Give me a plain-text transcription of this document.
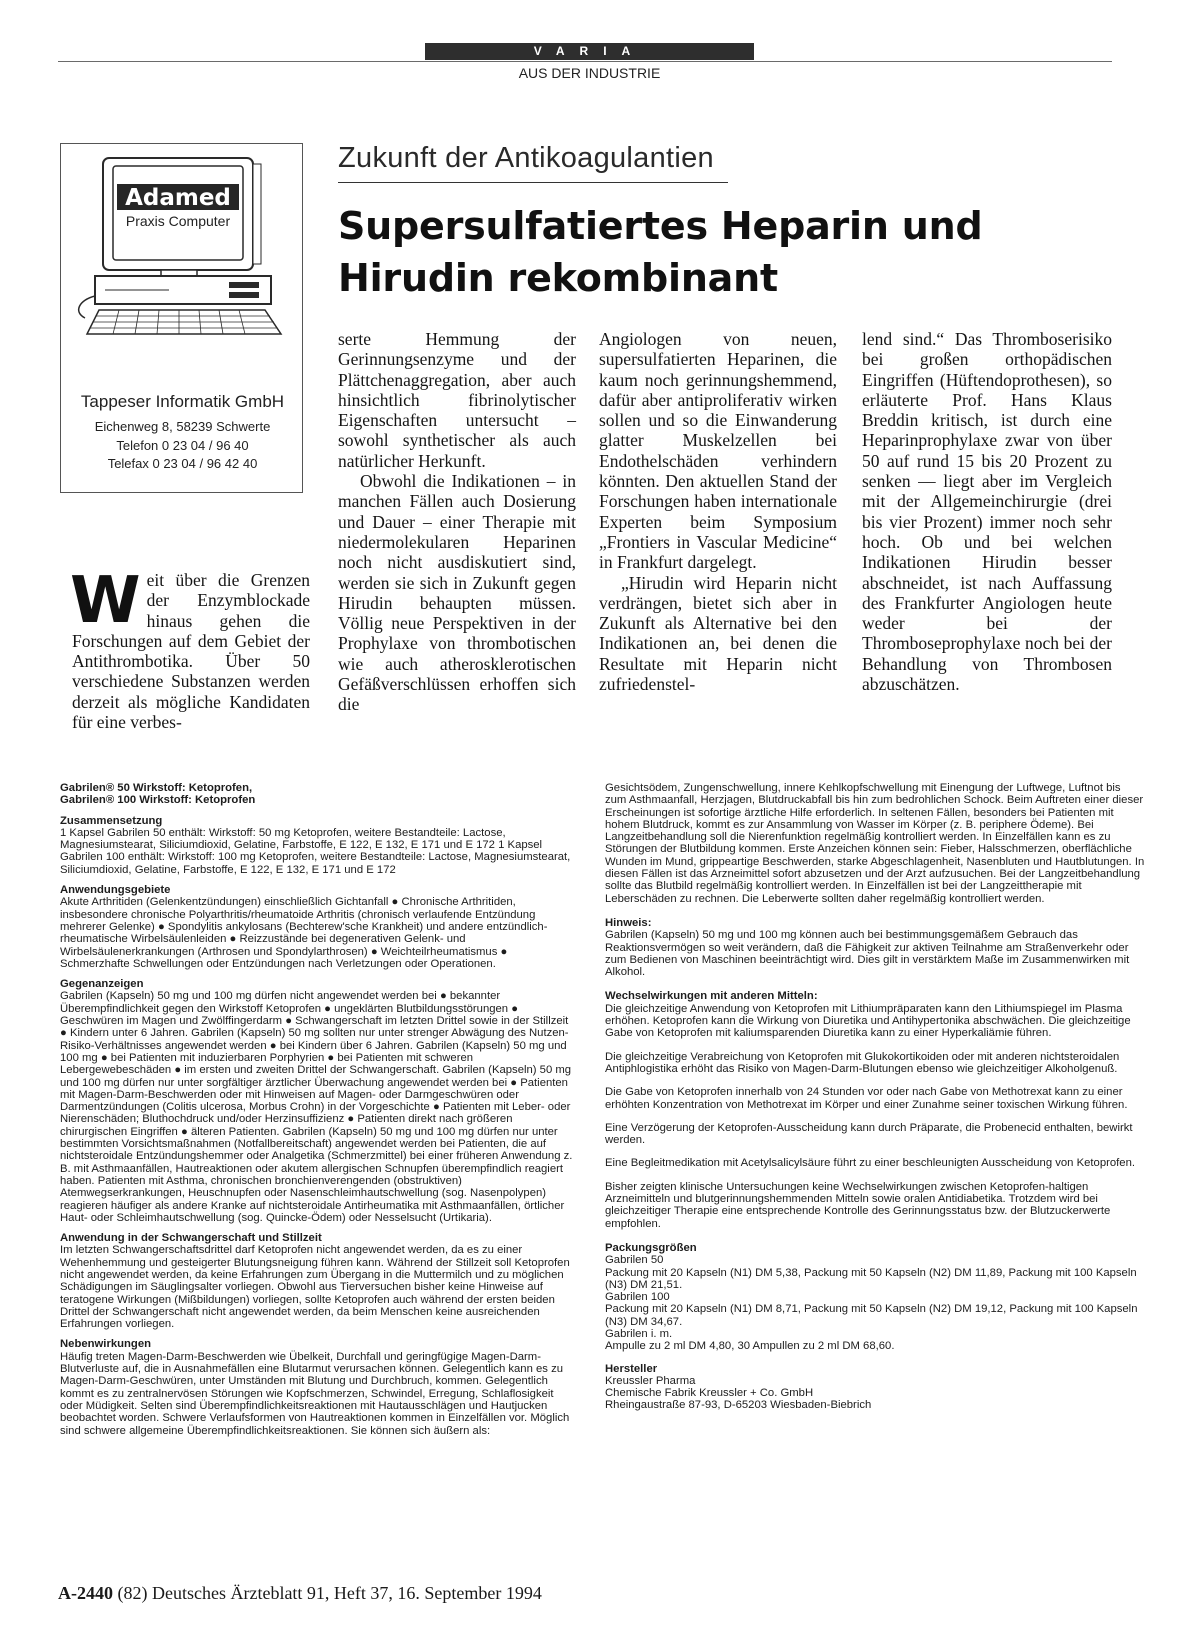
VARIA
AUS DER INDUSTRIE
Adamed
Praxis Computer
Tappeser Informatik GmbH
Eichenweg 8, 58239 Schwerte
Telefon 0 23 04 / 96 40
Telefax 0 23 04 / 96 42 40
Zukunft der Antikoagulantien
Supersulfatiertes Heparin und
Hirudin rekombinant
W eit über die Grenzen der Enzymblockade hinaus gehen die Forschungen auf dem Gebiet der Antithrombotika. Über 50 verschiedene Substanzen werden derzeit als mögliche Kandidaten für eine verbes-

serte Hemmung der Gerinnungsenzyme und der Plättchenaggregation, aber auch hinsichtlich fibrinolytischer Eigenschaften untersucht – sowohl synthetischer als auch natürlicher Herkunft.

Obwohl die Indikationen – in manchen Fällen auch Dosierung und Dauer – einer Therapie mit niedermolekularen Heparinen noch nicht ausdiskutiert sind, werden sie sich in Zukunft gegen Hirudin behaupten müssen. Völlig neue Perspektiven in der Prophylaxe von thrombotischen wie auch atherosklerotischen Gefäßverschlüssen erhoffen sich die

Angiologen von neuen, supersulfatierten Heparinen, die kaum noch gerinnungshemmend, dafür aber antiproliferativ wirken sollen und so die Einwanderung glatter Muskelzellen bei Endothelschäden verhindern könnten. Den aktuellen Stand der Forschungen haben internationale Experten beim Symposium „Frontiers in Vascular Medicine“ in Frankfurt dargelegt.

„Hirudin wird Heparin nicht verdrängen, bietet sich aber in Zukunft als Alternative bei den Indikationen an, bei denen die Resultate mit Heparin nicht zufriedenstel-

lend sind.“ Das Thromboserisiko bei großen orthopädischen Eingriffen (Hüftendoprothesen), so erläuterte Prof. Hans Klaus Breddin kritisch, ist durch eine Heparinprophylaxe zwar von über 50 auf rund 15 bis 20 Prozent zu senken — liegt aber im Vergleich mit der Allgemeinchirurgie (drei bis vier Prozent) immer noch sehr hoch. Ob und bei welchen Indikationen Hirudin besser abschneidet, ist nach Auffassung des Frankfurter Angiologen heute weder bei der Thromboseprophylaxe noch bei der Behandlung von Thrombosen abzuschätzen.

Gabrilen® 50 Wirkstoff: Ketoprofen,

Gabrilen® 100 Wirkstoff: Ketoprofen

Zusammensetzung

1 Kapsel Gabrilen 50 enthält: Wirkstoff: 50 mg Ketoprofen, weitere Bestandteile: Lactose, Magnesiumstearat, Siliciumdioxid, Gelatine, Farbstoffe, E 122, E 132, E 171 und E 172 1 Kapsel Gabrilen 100 enthält: Wirkstoff: 100 mg Ketoprofen, weitere Bestandteile: Lactose, Magnesiumstearat, Siliciumdioxid, Gelatine, Farbstoffe, E 122, E 132, E 171 und E 172

Anwendungsgebiete

Akute Arthritiden (Gelenkentzündungen) einschließlich Gichtanfall ● Chronische Arthritiden, insbesondere chronische Polyarthritis/rheumatoide Arthritis (chronisch verlaufende Entzündung mehrerer Gelenke) ● Spondylitis ankylosans (Bechterew'sche Krankheit) und andere entzündlich-rheumatische Wirbelsäulenleiden ● Reizzustände bei degenerativen Gelenk- und Wirbelsäulenerkrankungen (Arthrosen und Spondylarthrosen) ● Weichteilrheumatismus ● Schmerzhafte Schwellungen oder Entzündungen nach Verletzungen oder Operationen.

Gegenanzeigen

Gabrilen (Kapseln) 50 mg und 100 mg dürfen nicht angewendet werden bei ● bekannter Überempfindlichkeit gegen den Wirkstoff Ketoprofen ● ungeklärten Blutbildungsstörungen ● Geschwüren im Magen und Zwölffingerdarm ● Schwangerschaft im letzten Drittel sowie in der Stillzeit ● Kindern unter 6 Jahren. Gabrilen (Kapseln) 50 mg sollten nur unter strenger Abwägung des Nutzen-Risiko-Verhältnisses angewendet werden ● bei Kindern über 6 Jahren. Gabrilen (Kapseln) 50 mg und 100 mg ● bei Patienten mit induzierbaren Porphyrien ● bei Patienten mit schweren Lebergewebeschäden ● im ersten und zweiten Drittel der Schwangerschaft. Gabrilen (Kapseln) 50 mg und 100 mg dürfen nur unter sorgfältiger ärztlicher Überwachung angewendet werden bei ● Patienten mit Magen-Darm-Beschwerden oder mit Hinweisen auf Magen- oder Darmgeschwüren oder Darmentzündungen (Colitis ulcerosa, Morbus Crohn) in der Vorgeschichte ● Patienten mit Leber- oder Nierenschäden; Bluthochdruck und/oder Herzinsuffizienz ● Patienten direkt nach größeren chirurgischen Eingriffen ● älteren Patienten. Gabrilen (Kapseln) 50 mg und 100 mg dürfen nur unter bestimmten Vorsichtsmaßnahmen (Notfallbereitschaft) angewendet werden bei Patienten, die auf nichtsteroidale Entzündungshemmer oder Analgetika (Schmerzmittel) bei einer früheren Anwendung z. B. mit Asthmaanfällen, Hautreaktionen oder akutem allergischen Schnupfen überempfindlich reagiert haben. Patienten mit Asthma, chronischen bronchienverengenden (obstruktiven) Atemwegserkrankungen, Heuschnupfen oder Nasenschleimhautschwellung (sog. Nasenpolypen) reagieren häufiger als andere Kranke auf nichtsteroidale Antirheumatika mit Asthmaanfällen, örtlicher Haut- oder Schleimhautschwellung (sog. Quincke-Ödem) oder Nesselsucht (Urtikaria).

Anwendung in der Schwangerschaft und Stillzeit

Im letzten Schwangerschaftsdrittel darf Ketoprofen nicht angewendet werden, da es zu einer Wehenhemmung und gesteigerter Blutungsneigung führen kann. Während der Stillzeit soll Ketoprofen nicht angewendet werden, da keine Erfahrungen zum Übergang in die Muttermilch und zu möglichen Schädigungen im Säuglingsalter vorliegen. Obwohl aus Tierversuchen bisher keine Hinweise auf teratogene Wirkungen (Mißbildungen) vorliegen, sollte Ketoprofen auch während der ersten beiden Drittel der Schwangerschaft nicht angewendet werden, da beim Menschen keine ausreichenden Erfahrungen vorliegen.

Nebenwirkungen

Häufig treten Magen-Darm-Beschwerden wie Übelkeit, Durchfall und geringfügige Magen-Darm-Blutverluste auf, die in Ausnahmefällen eine Blutarmut verursachen können. Gelegentlich kann es zu Magen-Darm-Geschwüren, unter Umständen mit Blutung und Durchbruch, kommen. Gelegentlich kommt es zu zentralnervösen Störungen wie Kopfschmerzen, Schwindel, Erregung, Schlaflosigkeit oder Müdigkeit. Selten sind Überempfindlichkeitsreaktionen mit Hautausschlägen und Hautjucken beobachtet worden. Schwere Verlaufsformen von Hautreaktionen kommen in Einzelfällen vor. Möglich sind schwere allgemeine Überempfindlichkeitsreaktionen. Sie können sich äußern als:

Gesichtsödem, Zungenschwellung, innere Kehlkopfschwellung mit Einengung der Luftwege, Luftnot bis zum Asthmaanfall, Herzjagen, Blutdruckabfall bis hin zum bedrohlichen Schock. Beim Auftreten einer dieser Erscheinungen ist sofortige ärztliche Hilfe erforderlich. In seltenen Fällen, besonders bei Patienten mit hohem Blutdruck, kommt es zur Ansammlung von Wasser im Körper (z. B. periphere Ödeme). Bei Langzeitbehandlung soll die Nierenfunktion regelmäßig kontrolliert werden. In Einzelfällen kann es zu Störungen der Blutbildung kommen. Erste Anzeichen können sein: Fieber, Halsschmerzen, oberflächliche Wunden im Mund, grippeartige Beschwerden, starke Abgeschlagenheit, Nasenbluten und Hautblutungen. In diesen Fällen ist das Arzneimittel sofort abzusetzen und der Arzt aufzusuchen. Bei der Langzeitbehandlung sollte das Blutbild regelmäßig kontrolliert werden. In Einzelfällen ist bei der Langzeittherapie mit Leberschäden zu rechnen. Die Leberwerte sollten daher regelmäßig kontrolliert werden.

Hinweis:

Gabrilen (Kapseln) 50 mg und 100 mg können auch bei bestimmungsgemäßem Gebrauch das Reaktionsvermögen so weit verändern, daß die Fähigkeit zur aktiven Teilnahme am Straßenverkehr oder zum Bedienen von Maschinen beeinträchtigt wird. Dies gilt in verstärktem Maße im Zusammenwirken mit Alkohol.

Wechselwirkungen mit anderen Mitteln:

Die gleichzeitige Anwendung von Ketoprofen mit Lithiumpräparaten kann den Lithiumspiegel im Plasma erhöhen. Ketoprofen kann die Wirkung von Diuretika und Antihypertonika abschwächen. Die gleichzeitige Gabe von Ketoprofen mit kaliumsparenden Diuretika kann zu einer Hyperkaliämie führen.

Die gleichzeitige Verabreichung von Ketoprofen mit Glukokortikoiden oder mit anderen nichtsteroidalen Antiphlogistika erhöht das Risiko von Magen-Darm-Blutungen ebenso wie gleichzeitiger Alkoholgenuß.

Die Gabe von Ketoprofen innerhalb von 24 Stunden vor oder nach Gabe von Methotrexat kann zu einer erhöhten Konzentration von Methotrexat im Körper und einer Zunahme seiner toxischen Wirkung führen.

Eine Verzögerung der Ketoprofen-Ausscheidung kann durch Präparate, die Probenecid enthalten, bewirkt werden.

Eine Begleitmedikation mit Acetylsalicylsäure führt zu einer beschleunigten Ausscheidung von Ketoprofen.

Bisher zeigten klinische Untersuchungen keine Wechselwirkungen zwischen Ketoprofen-haltigen Arzneimitteln und blutgerinnungshemmenden Mitteln sowie oralen Antidiabetika. Trotzdem wird bei gleichzeitiger Therapie eine entsprechende Kontrolle des Gerinnungsstatus bzw. der Blutzuckerwerte empfohlen.

Packungsgrößen

Gabrilen 50

Packung mit 20 Kapseln (N1) DM 5,38, Packung mit 50 Kapseln (N2) DM 11,89, Packung mit 100 Kapseln (N3) DM 21,51.

Gabrilen 100

Packung mit 20 Kapseln (N1) DM 8,71, Packung mit 50 Kapseln (N2) DM 19,12, Packung mit 100 Kapseln (N3) DM 34,67.

Gabrilen i. m.

Ampulle zu 2 ml DM 4,80, 30 Ampullen zu 2 ml DM 68,60.

Hersteller

Kreussler Pharma

Chemische Fabrik Kreussler + Co. GmbH

Rheingaustraße 87-93, D-65203 Wiesbaden-Biebrich

A-2440 (82) Deutsches Ärzteblatt 91, Heft 37, 16. September 1994
